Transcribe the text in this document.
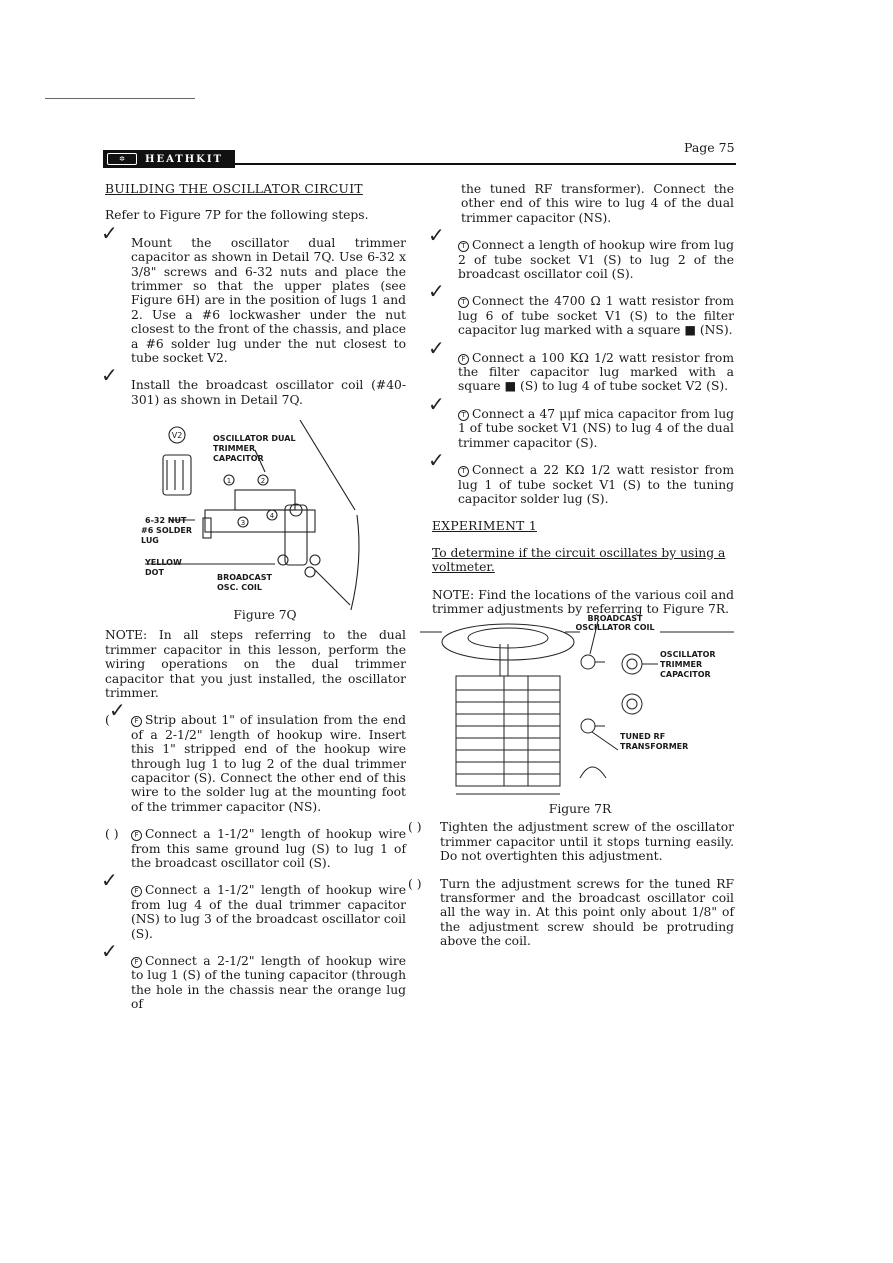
✲	HEATHKIT
Page 75

BUILDING THE OSCILLATOR CIRCUIT

Refer to Figure 7P for the following steps.

✓ Mount the oscillator dual trimmer capacitor as shown in Detail 7Q. Use 6-32 x 3/8" screws and 6-32 nuts and place the trimmer so that the upper plates (see Figure 6H) are in the position of lugs 1 and 2. Use a #6 lockwasher under the nut closest to the front of the chassis, and place a #6 solder lug under the nut closest to tube socket V2.
✓ Install the broadcast oscillator coil (#40-301) as shown in Detail 7Q.
V2
1	2
3
4
OSCILLATOR DUAL TRIMMER CAPACITOR
6-32 NUT
#6 SOLDER LUG
YELLOW DOT
BROADCAST OSC. COIL
Figure 7Q

NOTE: In all steps referring to the dual trimmer capacitor in this lesson, perform the wiring operations on the dual trimmer capacitor that you just installed, the oscillator trimmer.

( ✓	F Strip about 1" of insulation from the end of a 2-1/2" length of hookup wire. Insert this 1" stripped end of the hookup wire through lug 1 to lug 2 of the dual trimmer capacitor (S). Connect the other end of this wire to the solder lug at the mounting foot of the trimmer capacitor (NS).
( )	F Connect a 1-1/2" length of hookup wire from this same ground lug (S) to lug 1 of the broadcast oscillator coil (S).
✓	F Connect a 1-1/2" length of hookup wire from lug 4 of the dual trimmer capacitor (NS) to lug 3 of the broadcast oscillator coil (S).
✓	F Connect a 2-1/2" length of hookup wire to lug 1 (S) of the tuning capacitor (through the hole in the chassis near the orange lug of

the tuned RF transformer). Connect the other end of this wire to lug 4 of the dual trimmer capacitor (NS).

✓	T Connect a length of hookup wire from lug 2 of tube socket V1 (S) to lug 2 of the broadcast oscillator coil (S).
✓	T Connect the 4700 Ω 1 watt resistor from lug 6 of tube socket V1 (S) to the filter capacitor lug marked with a square ■ (NS).
✓	F Connect a 100 KΩ 1/2 watt resistor from the filter capacitor lug marked with a square ■ (S) to lug 4 of tube socket V2 (S).
✓	T Connect a 47 μμf mica capacitor from lug 1 of tube socket V1 (NS) to lug 4 of the dual trimmer capacitor (S).
✓	T Connect a 22 KΩ 1/2 watt resistor from lug 1 of tube socket V1 (S) to the tuning capacitor solder lug (S).

EXPERIMENT 1

To determine if the circuit oscillates by using a voltmeter.

NOTE: Find the locations of the various coil and trimmer adjustments by referring to Figure 7R.

BROADCAST OSCILLATOR COIL
OSCILLATOR TRIMMER CAPACITOR
TUNED RF TRANSFORMER
Figure 7R
( )	Tighten the adjustment screw of the oscillator trimmer capacitor until it stops turning easily. Do not overtighten this adjustment.
( )	Turn the adjustment screws for the tuned RF transformer and the broadcast oscillator coil all the way in. At this point only about 1/8" of the adjustment screw should be protruding above the coil.
